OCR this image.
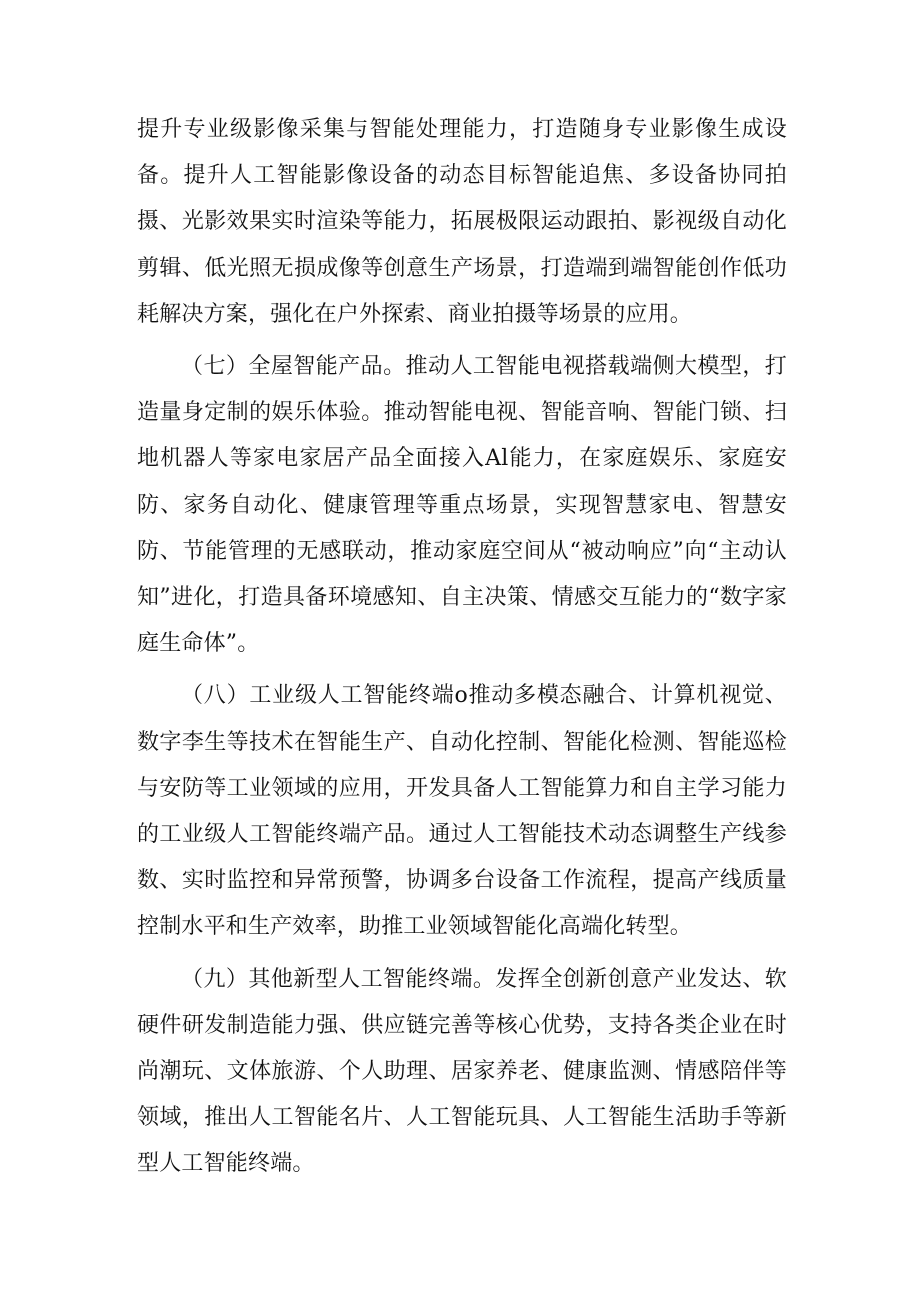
提升专业级影像采集与智能处理能力，打造随身专业影像生成设备。提升人工智能影像设备的动态目标智能追焦、多设备协同拍摄、光影效果实时渲染等能力，拓展极限运动跟拍、影视级自动化剪辑、低光照无损成像等创意生产场景，打造端到端智能创作低功耗解决方案，强化在户外探索、商业拍摄等场景的应用。

（七）全屋智能产品。推动人工智能电视搭载端侧大模型，打造量身定制的娱乐体验。推动智能电视、智能音响、智能门锁、扫地机器人等家电家居产品全面接入Al能力，在家庭娱乐、家庭安防、家务自动化、健康管理等重点场景，实现智慧家电、智慧安防、节能管理的无感联动，推动家庭空间从“被动响应”向“主动认知”进化，打造具备环境感知、自主决策、情感交互能力的“数字家庭生命体”。

（八）工业级人工智能终端o推动多模态融合、计算机视觉、数字李生等技术在智能生产、自动化控制、智能化检测、智能巡检与安防等工业领域的应用，开发具备人工智能算力和自主学习能力的工业级人工智能终端产品。通过人工智能技术动态调整生产线参数、实时监控和异常预警，协调多台设备工作流程，提高产线质量控制水平和生产效率，助推工业领域智能化高端化转型。

（九）其他新型人工智能终端。发挥全创新创意产业发达、软硬件研发制造能力强、供应链完善等核心优势，支持各类企业在时尚潮玩、文体旅游、个人助理、居家养老、健康监测、情感陪伴等领域，推出人工智能名片、人工智能玩具、人工智能生活助手等新型人工智能终端。
